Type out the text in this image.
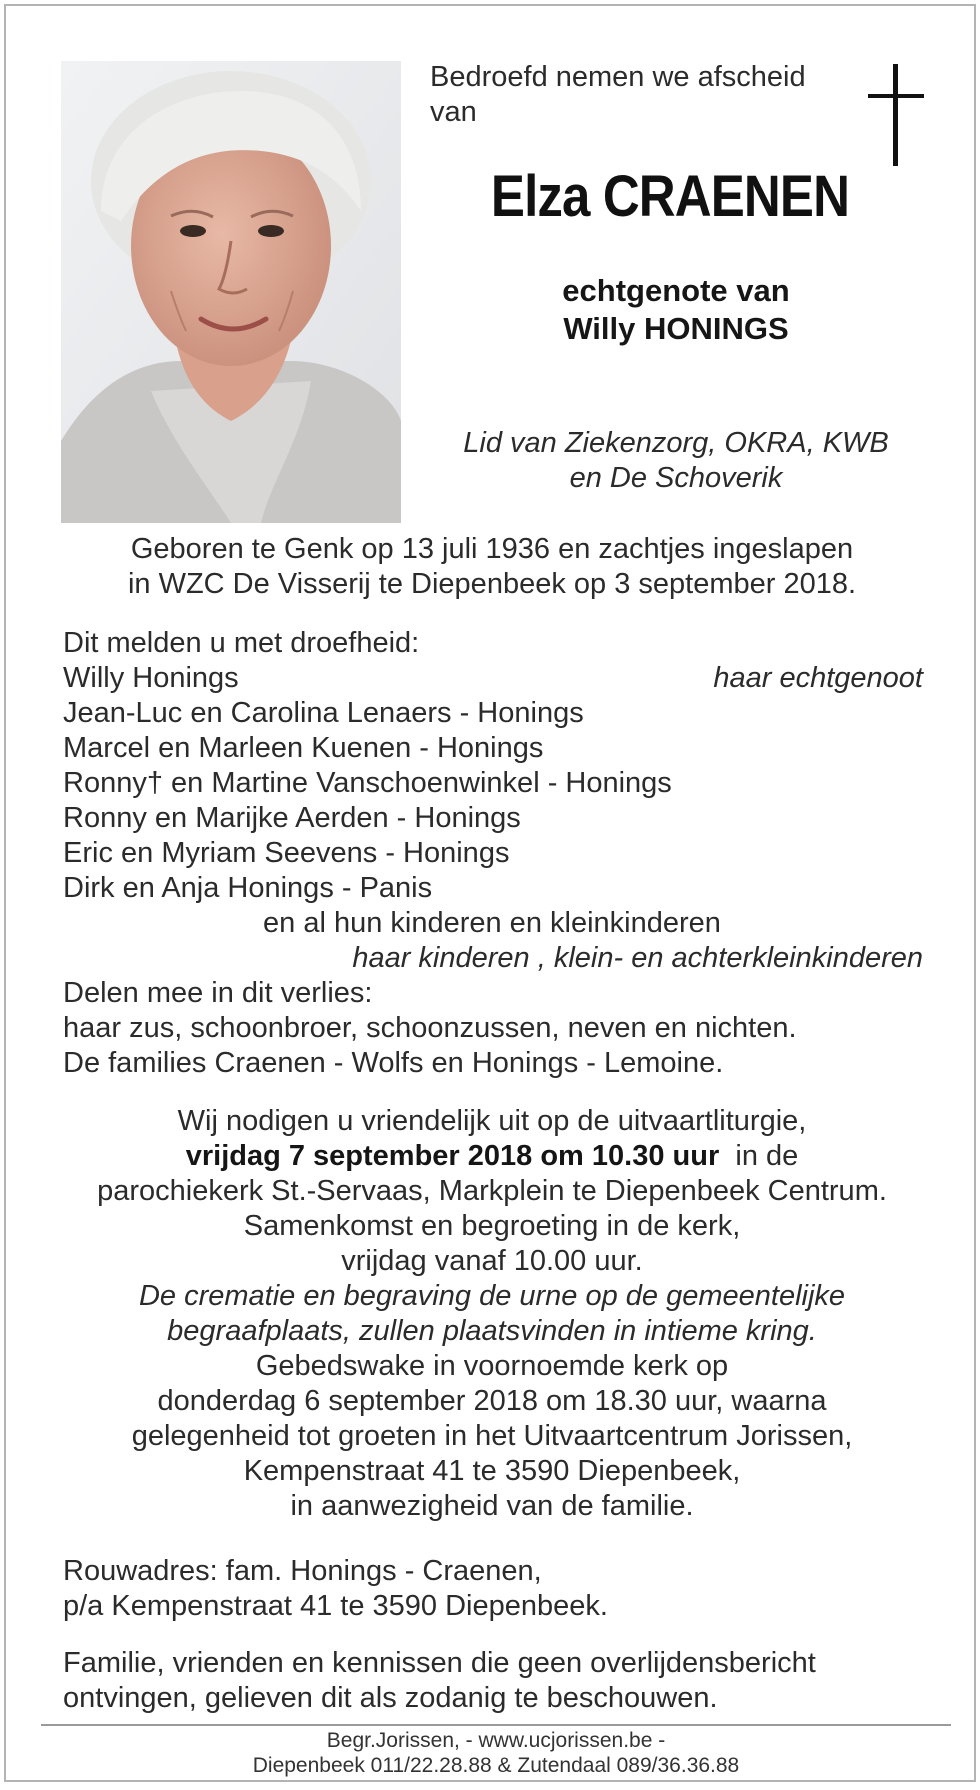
Bedroefd nemen we afscheid van
Elza CRAENEN
echtgenote van
Willy HONINGS
Lid van Ziekenzorg, OKRA, KWB
en De Schoverik
Geboren te Genk op 13 juli 1936 en zachtjes ingeslapen
in WZC De Visserij te Diepenbeek op 3 september 2018.
Dit melden u met droefheid:
Willy Honings	haar echtgenoot
Jean-Luc en Carolina Lenaers - Honings
Marcel en Marleen Kuenen - Honings
Ronny† en Martine Vanschoenwinkel - Honings
Ronny en Marijke Aerden - Honings
Eric en Myriam Seevens - Honings
Dirk en Anja Honings - Panis
en al hun kinderen en kleinkinderen
haar kinderen , klein- en achterkleinkinderen
Delen mee in dit verlies:
haar zus, schoonbroer, schoonzussen, neven en nichten.
De families Craenen - Wolfs en Honings - Lemoine.
Wij nodigen u vriendelijk uit op de uitvaartliturgie,
vrijdag 7 september 2018 om 10.30 uur in de
parochiekerk St.-Servaas, Markplein te Diepenbeek Centrum.
Samenkomst en begroeting in de kerk,
vrijdag vanaf 10.00 uur.
De crematie en begraving de urne op de gemeentelijke
begraafplaats, zullen plaatsvinden in intieme kring.
Gebedswake in voornoemde kerk op
donderdag 6 september 2018 om 18.30 uur, waarna
gelegenheid tot groeten in het Uitvaartcentrum Jorissen,
Kempenstraat 41 te 3590 Diepenbeek,
in aanwezigheid van de familie.
Rouwadres: fam. Honings - Craenen,
p/a Kempenstraat 41 te 3590 Diepenbeek.
Familie, vrienden en kennissen die geen overlijdensbericht
ontvingen, gelieven dit als zodanig te beschouwen.
Begr.Jorissen, - www.ucjorissen.be -
Diepenbeek 011/22.28.88 & Zutendaal 089/36.36.88
